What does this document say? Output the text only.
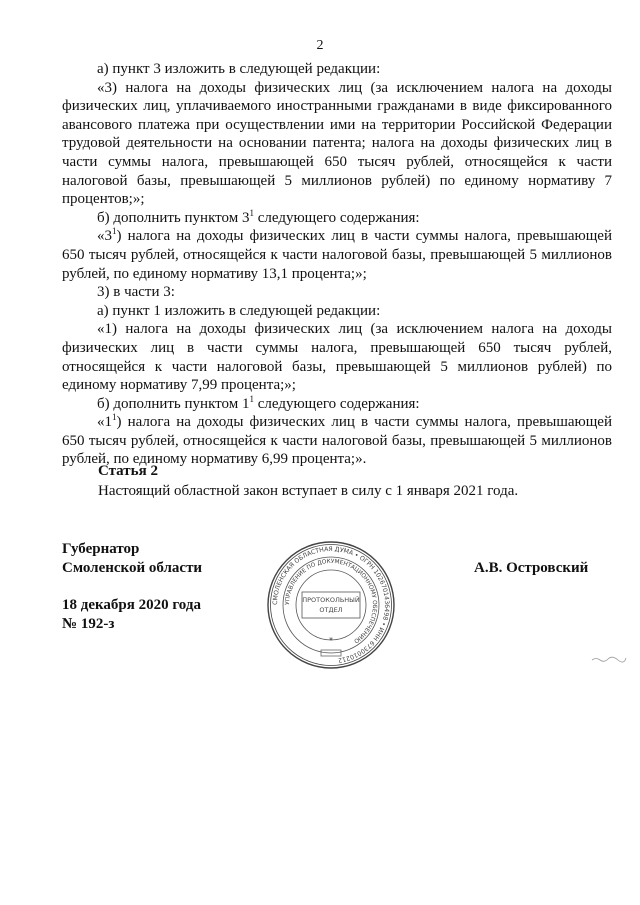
2

а) пункт 3 изложить в следующей редакции:

«3) налога на доходы физических лиц (за исключением налога на доходы физических лиц, уплачиваемого иностранными гражданами в виде фиксированного авансового платежа при осуществлении ими на территории Российской Федерации трудовой деятельности на основании патента; налога на доходы физических лиц в части суммы налога, превышающей 650 тысяч рублей, относящейся к части налоговой базы, превышающей 5 миллионов рублей) по единому нормативу 7 процентов;»;

б) дополнить пунктом $3^1$ следующего содержания:

«$3^1$) налога на доходы физических лиц в части суммы налога, превышающей 650 тысяч рублей, относящейся к части налоговой базы, превышающей 5 миллионов рублей, по единому нормативу 13,1 процента;»;

3) в части 3:

а) пункт 1 изложить в следующей редакции:

«1) налога на доходы физических лиц (за исключением налога на доходы физических лиц в части суммы налога, превышающей 650 тысяч рублей, относящейся к части налоговой базы, превышающей 5 миллионов рублей) по единому нормативу 7,99 процента;»;

б) дополнить пунктом $1^1$ следующего содержания:

«$1^1$) налога на доходы физических лиц в части суммы налога, превышающей 650 тысяч рублей, относящейся к части налоговой базы, превышающей 5 миллионов рублей, по единому нормативу 6,99 процента;».

Статья 2
Настоящий областной закон вступает в силу с 1 января 2021 года.
Губернатор
Смоленской области
18 декабря 2020 года
№ 192-з
А.В. Островский
СМОЛЕНСКАЯ ОБЛАСТНАЯ ДУМА • ОГРН 1026701436498 • ИНН 6730010212
УПРАВЛЕНИЕ ПО ДОКУМЕНТАЦИОННОМУ ОБЕСПЕЧЕНИЮ
ПРОТОКОЛЬНЫЙ
ОТДЕЛ
*
